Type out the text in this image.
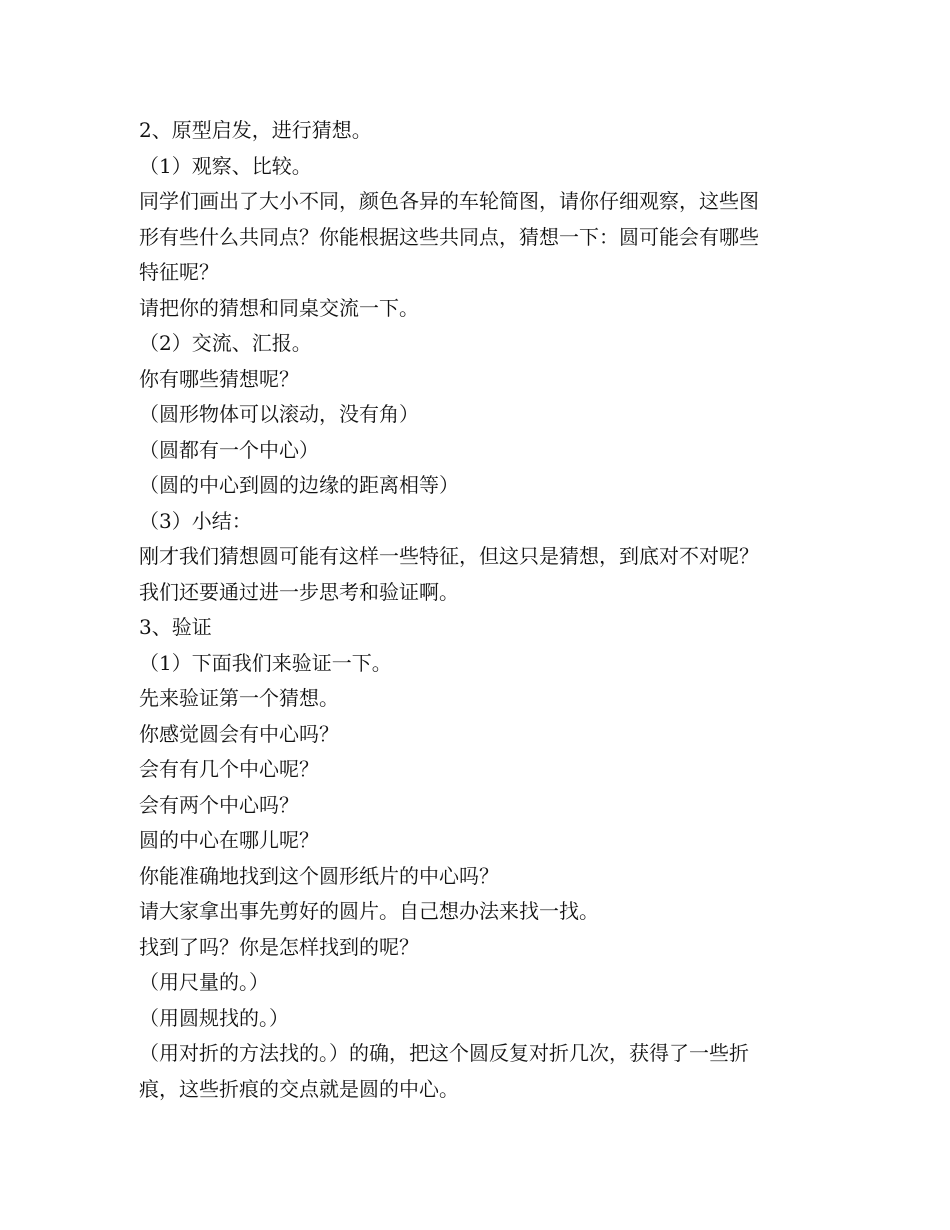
2、原型启发，进行猜想。

（1）观察、比较。

同学们画出了大小不同，颜色各异的车轮简图，请你仔细观察，这些图

形有些什么共同点？你能根据这些共同点，猜想一下：圆可能会有哪些

特征呢？

请把你的猜想和同桌交流一下。

（2）交流、汇报。

你有哪些猜想呢？

（圆形物体可以滚动，没有角）

（圆都有一个中心）

（圆的中心到圆的边缘的距离相等）

（3）小结：

刚才我们猜想圆可能有这样一些特征，但这只是猜想，到底对不对呢？

我们还要通过进一步思考和验证啊。

3、验证

（1）下面我们来验证一下。

先来验证第一个猜想。

你感觉圆会有中心吗？

会有有几个中心呢？

会有两个中心吗？

圆的中心在哪儿呢？

你能准确地找到这个圆形纸片的中心吗？

请大家拿出事先剪好的圆片。自己想办法来找一找。

找到了吗？你是怎样找到的呢？

（用尺量的。）

（用圆规找的。）

（用对折的方法找的。）的确，把这个圆反复对折几次，获得了一些折

痕，这些折痕的交点就是圆的中心。
